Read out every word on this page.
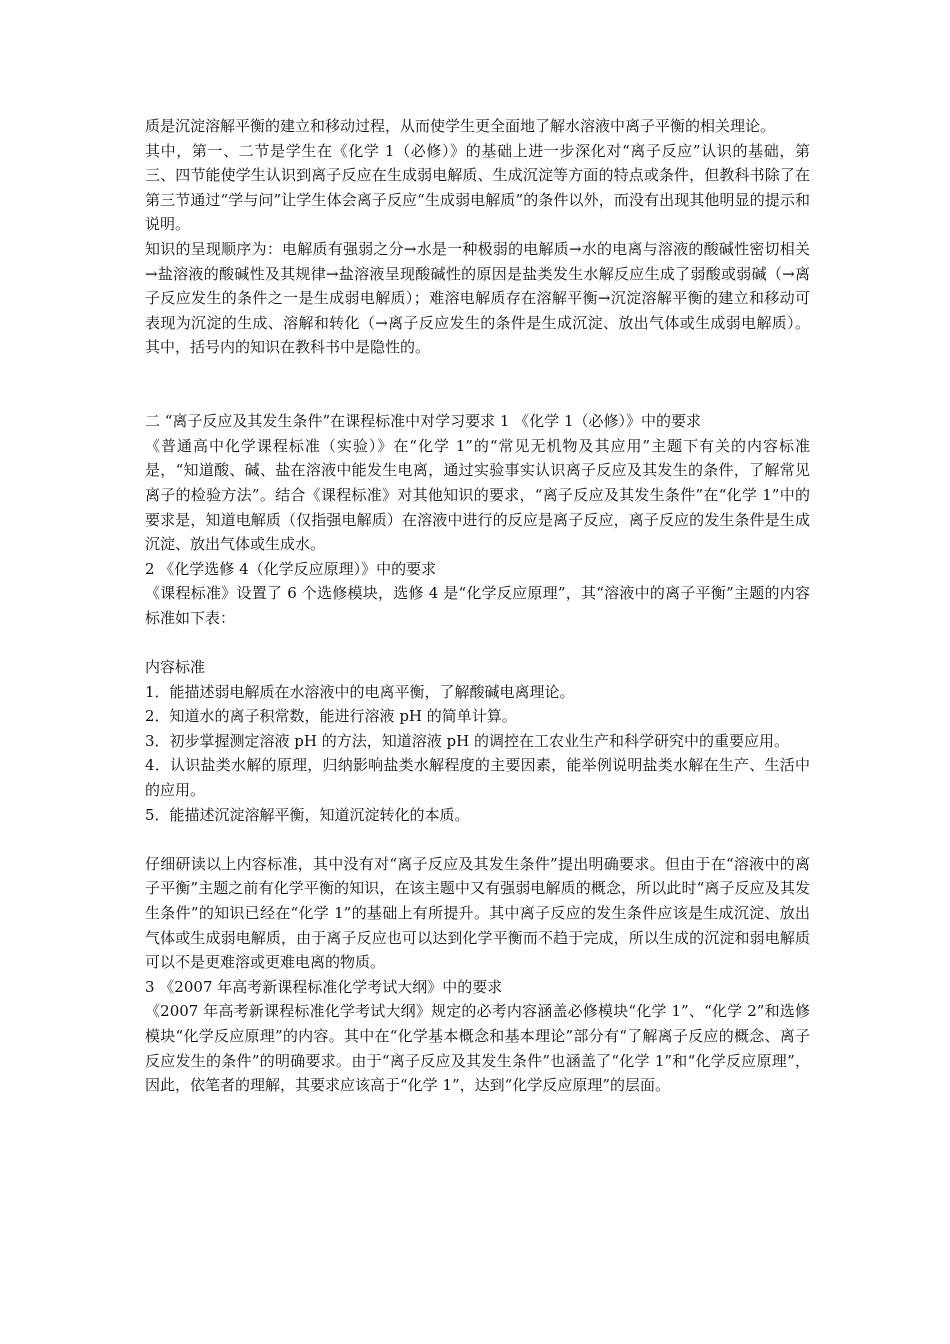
质是沉淀溶解平衡的建立和移动过程，从而使学生更全面地了解水溶液中离子平衡的相关理论。

其中，第一、二节是学生在《化学 1（必修）》的基础上进一步深化对“离子反应”认识的基础，第三、四节能使学生认识到离子反应在生成弱电解质、生成沉淀等方面的特点或条件，但教科书除了在第三节通过“学与问”让学生体会离子反应“生成弱电解质”的条件以外，而没有出现其他明显的提示和说明。

知识的呈现顺序为：电解质有强弱之分→水是一种极弱的电解质→水的电离与溶液的酸碱性密切相关→盐溶液的酸碱性及其规律→盐溶液呈现酸碱性的原因是盐类发生水解反应生成了弱酸或弱碱（→离子反应发生的条件之一是生成弱电解质）；难溶电解质存在溶解平衡→沉淀溶解平衡的建立和移动可表现为沉淀的生成、溶解和转化（→离子反应发生的条件是生成沉淀、放出气体或生成弱电解质）。其中，括号内的知识在教科书中是隐性的。

二 “离子反应及其发生条件”在课程标准中对学习要求 1 《化学 1（必修）》中的要求

《普通高中化学课程标准（实验）》在“化学 1”的“常见无机物及其应用”主题下有关的内容标准是，“知道酸、碱、盐在溶液中能发生电离，通过实验事实认识离子反应及其发生的条件，了解常见离子的检验方法”。结合《课程标准》对其他知识的要求，“离子反应及其发生条件”在“化学 1”中的要求是，知道电解质（仅指强电解质）在溶液中进行的反应是离子反应，离子反应的发生条件是生成沉淀、放出气体或生成水。

2 《化学选修 4（化学反应原理）》中的要求

《课程标准》设置了 6 个选修模块，选修 4 是“化学反应原理”，其“溶液中的离子平衡”主题的内容标准如下表：

内容标准

1．能描述弱电解质在水溶液中的电离平衡，了解酸碱电离理论。

2．知道水的离子积常数，能进行溶液 pH 的简单计算。

3．初步掌握测定溶液 pH 的方法，知道溶液 pH 的调控在工农业生产和科学研究中的重要应用。

4．认识盐类水解的原理，归纳影响盐类水解程度的主要因素，能举例说明盐类水解在生产、生活中的应用。

5．能描述沉淀溶解平衡，知道沉淀转化的本质。

仔细研读以上内容标准，其中没有对“离子反应及其发生条件”提出明确要求。但由于在“溶液中的离子平衡”主题之前有化学平衡的知识，在该主题中又有强弱电解质的概念，所以此时“离子反应及其发生条件”的知识已经在“化学 1”的基础上有所提升。其中离子反应的发生条件应该是生成沉淀、放出气体或生成弱电解质，由于离子反应也可以达到化学平衡而不趋于完成，所以生成的沉淀和弱电解质可以不是更难溶或更难电离的物质。

3 《2007 年高考新课程标准化学考试大纲》中的要求

《2007 年高考新课程标准化学考试大纲》规定的必考内容涵盖必修模块“化学 1”、“化学 2”和选修模块“化学反应原理”的内容。其中在“化学基本概念和基本理论”部分有“了解离子反应的概念、离子反应发生的条件”的明确要求。由于“离子反应及其发生条件”也涵盖了“化学 1”和“化学反应原理”，因此，依笔者的理解，其要求应该高于“化学 1”，达到“化学反应原理”的层面。
